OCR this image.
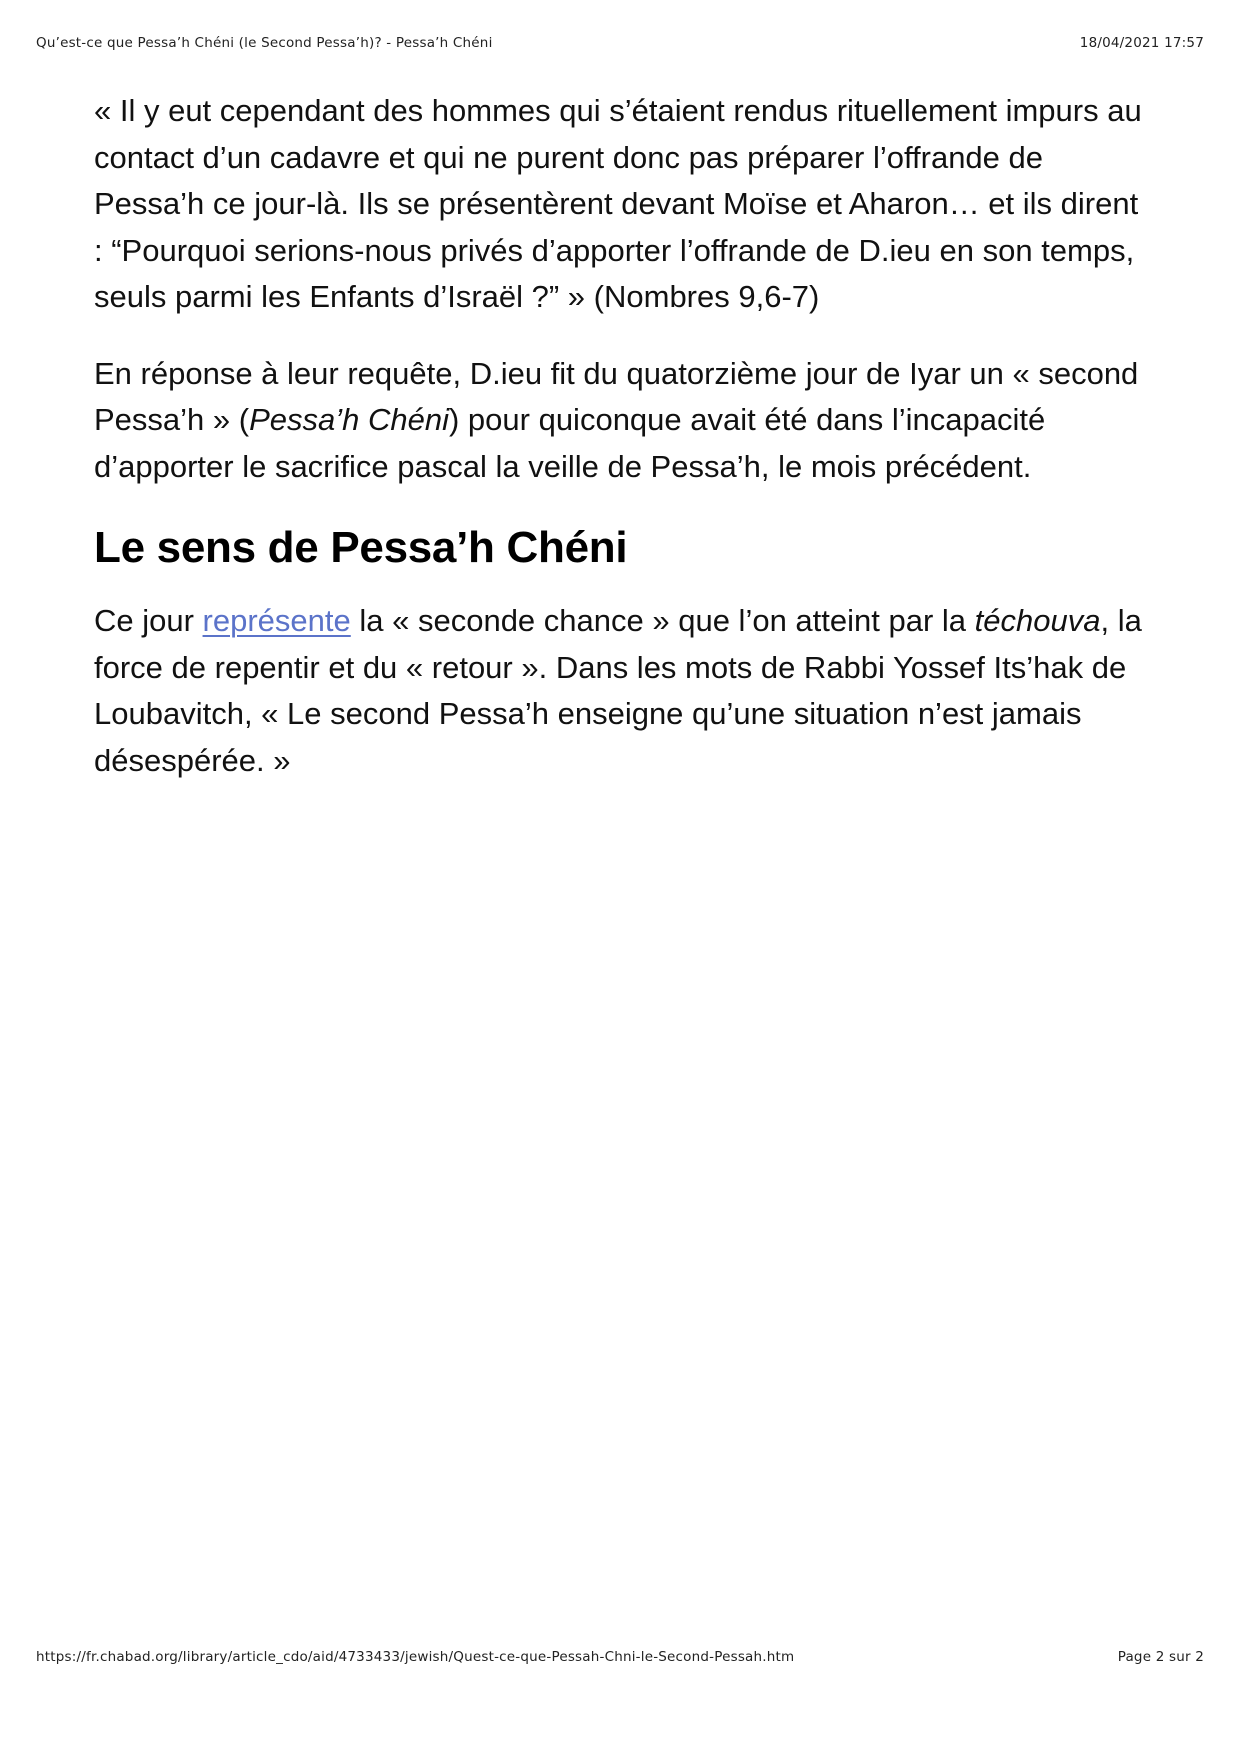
Qu’est-ce que Pessa’h Chéni (le Second Pessa’h)? - Pessa’h Chéni	18/04/2021 17:57

« Il y eut cependant des hommes qui s’étaient rendus rituellement impurs au contact d’un cadavre et qui ne purent donc pas préparer l’offrande de Pessa’h ce jour-là. Ils se présentèrent devant Moïse et Aharon… et ils dirent : “Pourquoi serions-nous privés d’apporter l’offrande de D.ieu en son temps, seuls parmi les Enfants d’Israël ?” » (Nombres 9,6-7)

En réponse à leur requête, D.ieu fit du quatorzième jour de Iyar un « second Pessa’h » (Pessa’h Chéni) pour quiconque avait été dans l’incapacité d’apporter le sacrifice pascal la veille de Pessa’h, le mois précédent.

Le sens de Pessa’h Chéni

Ce jour représente la « seconde chance » que l’on atteint par la téchouva, la force de repentir et du « retour ». Dans les mots de Rabbi Yossef Its’hak de Loubavitch, « Le second Pessa’h enseigne qu’une situation n’est jamais désespérée. »

https://fr.chabad.org/library/article_cdo/aid/4733433/jewish/Quest-ce-que-Pessah-Chni-le-Second-Pessah.htm	Page 2 sur 2
